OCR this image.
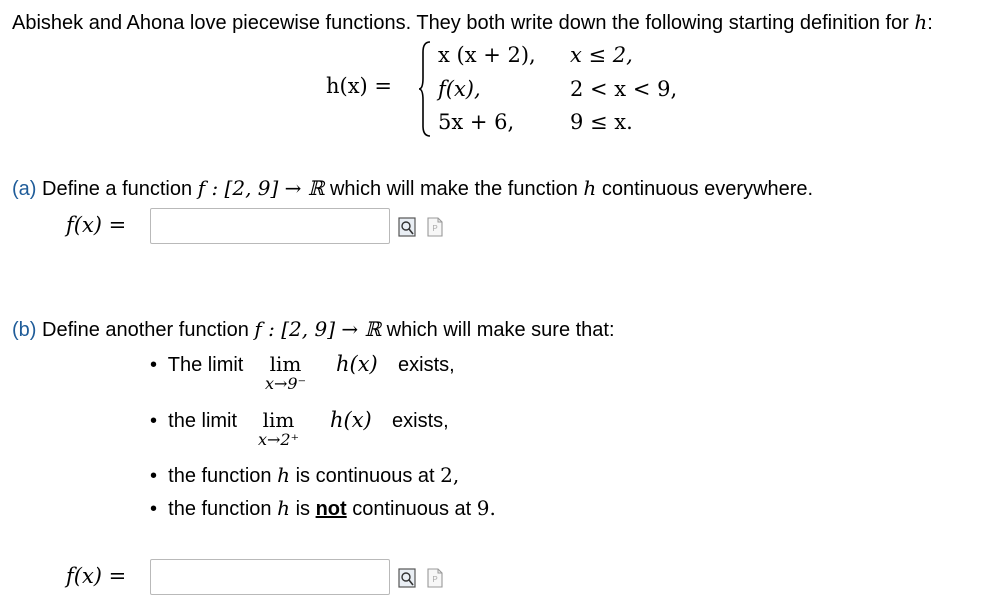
Abishek and Ahona love piecewise functions. They both write down the following starting definition for h:
h(x) =
x (x + 2), x ≤ 2,
f(x),	2 < x < 9,
5x + 6,	9 ≤ x.
(a) Define a function f : [2, 9] → ℝ which will make the function h continuous everywhere.
f(x) =	P
(b) Define another function f : [2, 9] → ℝ which will make sure that:
• The limit lim
x→9⁻
h(x) exists,
• the limit lim
x→2⁺
h(x) exists,
• the function h is continuous at 2,
• the function h is not continuous at 9.
f(x) =	P
